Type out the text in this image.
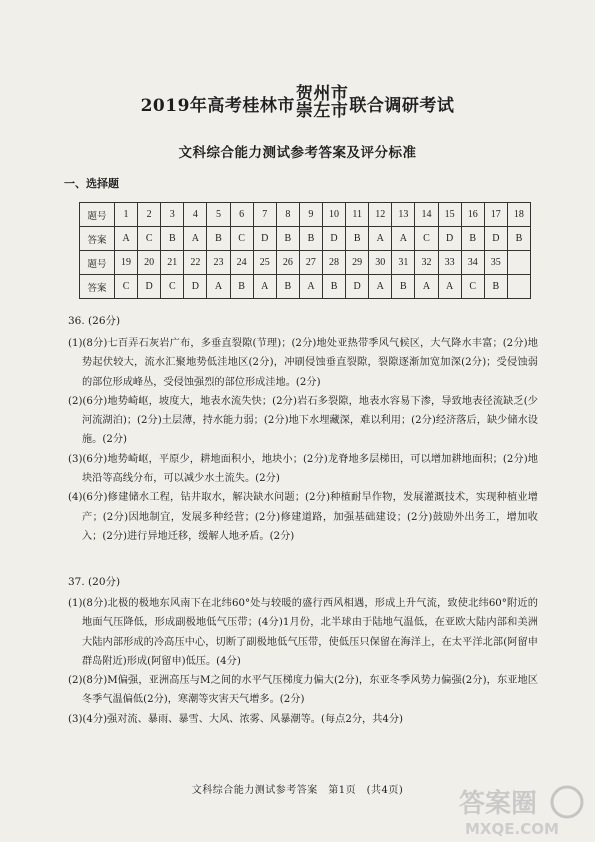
2019年高考桂林市
贺州市
崇左市 联合调研考试
文科综合能力测试参考答案及评分标准
一、选择题
题号	1	2	3	4	5	6	7	8	9	10	11	12	13	14	15	16	17	18
答案	A	C	B	A	B	C	D	B	B	D	B	A	A	C	D	B	D	B
题号	19	20	21	22	23	24	25	26	27	28	29	30	31	32	33	34	35	
答案	C	D	C	D	A	B	A	B	A	B	D	A	B	A	A	C	B	
36. (26分)

(1)(8分)七百弄石灰岩广布，多垂直裂隙(节理)；(2分)地处亚热带季风气候区，大气降水丰富；(2分)地势起伏较大，流水汇聚地势低洼地区(2分)，冲刷侵蚀垂直裂隙，裂隙逐渐加宽加深(2分)；受侵蚀弱的部位形成峰丛，受侵蚀强烈的部位形成洼地。(2分)

(2)(6分)地势崎岖，坡度大，地表水流失快；(2分)岩石多裂隙，地表水容易下渗，导致地表径流缺乏(少河流湖泊)；(2分)土层薄，持水能力弱；(2分)地下水埋藏深，难以利用；(2分)经济落后，缺少储水设施。(2分)

(3)(6分)地势崎岖，平原少，耕地面积小，地块小；(2分)龙脊地多层梯田，可以增加耕地面积；(2分)地块沿等高线分布，可以减少水土流失。(2分)

(4)(6分)修建储水工程，钻井取水，解决缺水问题；(2分)种植耐旱作物，发展灌溉技术，实现种植业增产；(2分)因地制宜，发展多种经营；(2分)修建道路，加强基础建设；(2分)鼓励外出务工，增加收入；(2分)进行异地迁移，缓解人地矛盾。(2分)

37. (20分)

(1)(8分)北极的极地东风南下在北纬60°处与较暖的盛行西风相遇，形成上升气流，致使北纬60°附近的地面气压降低，形成副极地低气压带；(4分)1月份，北半球由于陆地气温低，在亚欧大陆内部和美洲大陆内部形成的冷高压中心，切断了副极地低气压带，使低压只保留在海洋上，在太平洋北部(阿留申群岛附近)形成(阿留申)低压。(4分)

(2)(8分)M偏强，亚洲高压与M之间的水平气压梯度力偏大(2分)，东亚冬季风势力偏强(2分)，东亚地区冬季气温偏低(2分)，寒潮等灾害天气增多。(2分)

(3)(4分)强对流、暴雨、暴雪、大风、浓雾、风暴潮等。(每点2分，共4分)

文科综合能力测试参考答案　第1页　(共4页)	答案圈
MXQE.COM
